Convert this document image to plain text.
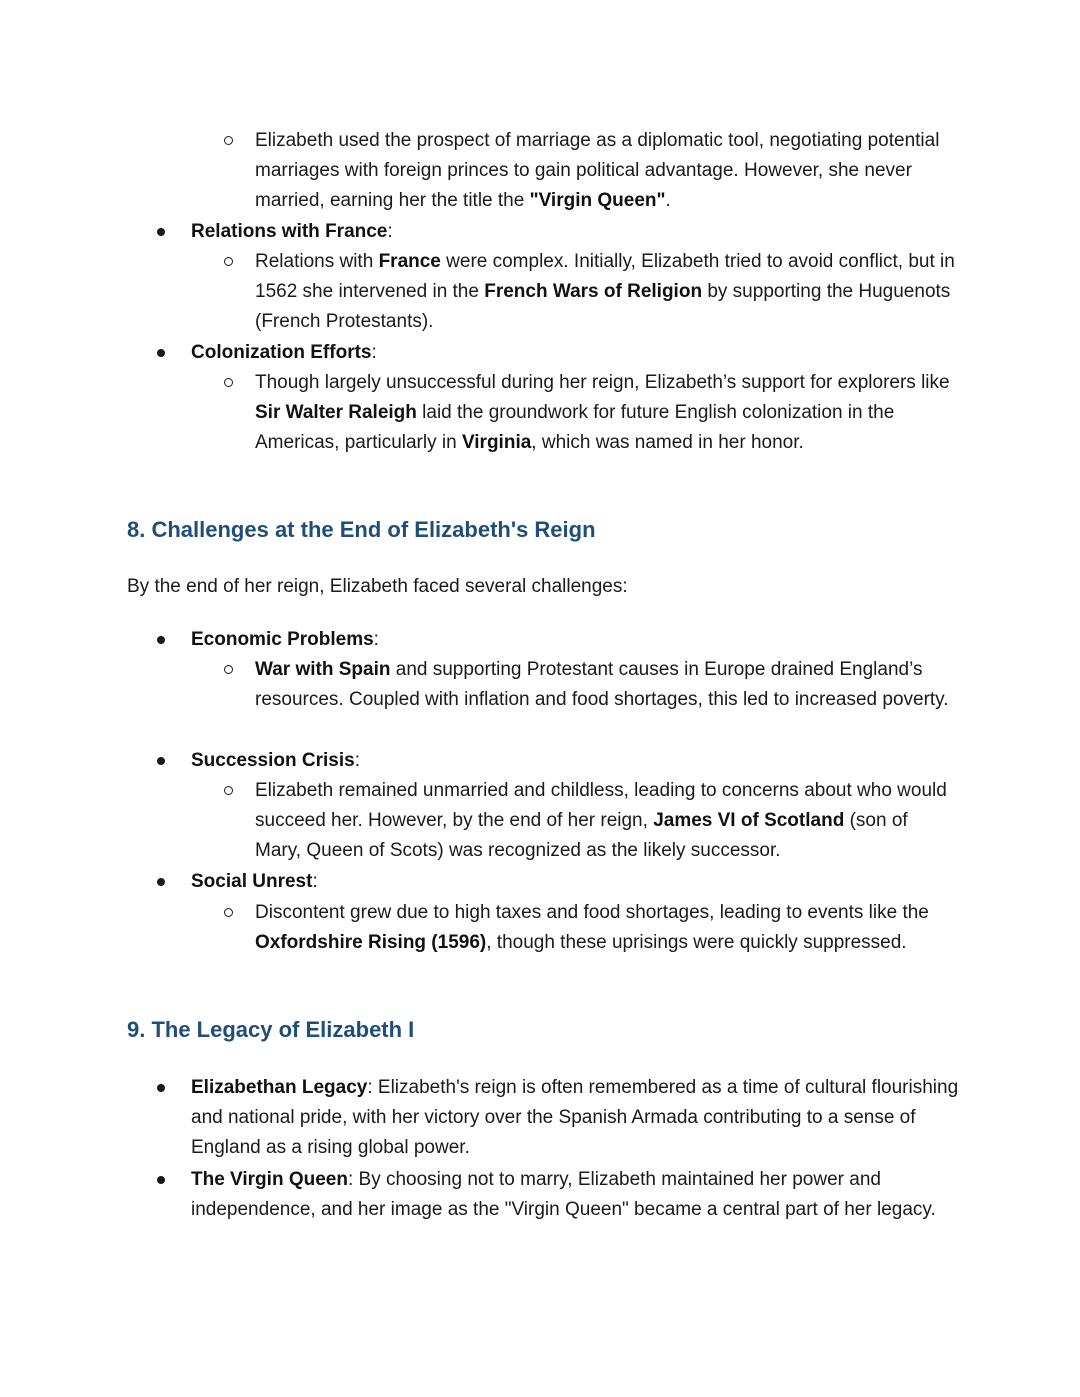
Elizabeth used the prospect of marriage as a diplomatic tool, negotiating potential marriages with foreign princes to gain political advantage. However, she never married, earning her the title the "Virgin Queen".
Relations with France:
Relations with France were complex. Initially, Elizabeth tried to avoid conflict, but in 1562 she intervened in the French Wars of Religion by supporting the Huguenots (French Protestants).
Colonization Efforts:
Though largely unsuccessful during her reign, Elizabeth’s support for explorers like Sir Walter Raleigh laid the groundwork for future English colonization in the Americas, particularly in Virginia, which was named in her honor.
8. Challenges at the End of Elizabeth's Reign
By the end of her reign, Elizabeth faced several challenges:
Economic Problems:
War with Spain and supporting Protestant causes in Europe drained England’s resources. Coupled with inflation and food shortages, this led to increased poverty.
Succession Crisis:
Elizabeth remained unmarried and childless, leading to concerns about who would succeed her. However, by the end of her reign, James VI of Scotland (son of Mary, Queen of Scots) was recognized as the likely successor.
Social Unrest:
Discontent grew due to high taxes and food shortages, leading to events like the Oxfordshire Rising (1596), though these uprisings were quickly suppressed.
9. The Legacy of Elizabeth I
Elizabethan Legacy: Elizabeth's reign is often remembered as a time of cultural flourishing and national pride, with her victory over the Spanish Armada contributing to a sense of England as a rising global power.
The Virgin Queen: By choosing not to marry, Elizabeth maintained her power and independence, and her image as the "Virgin Queen" became a central part of her legacy.
